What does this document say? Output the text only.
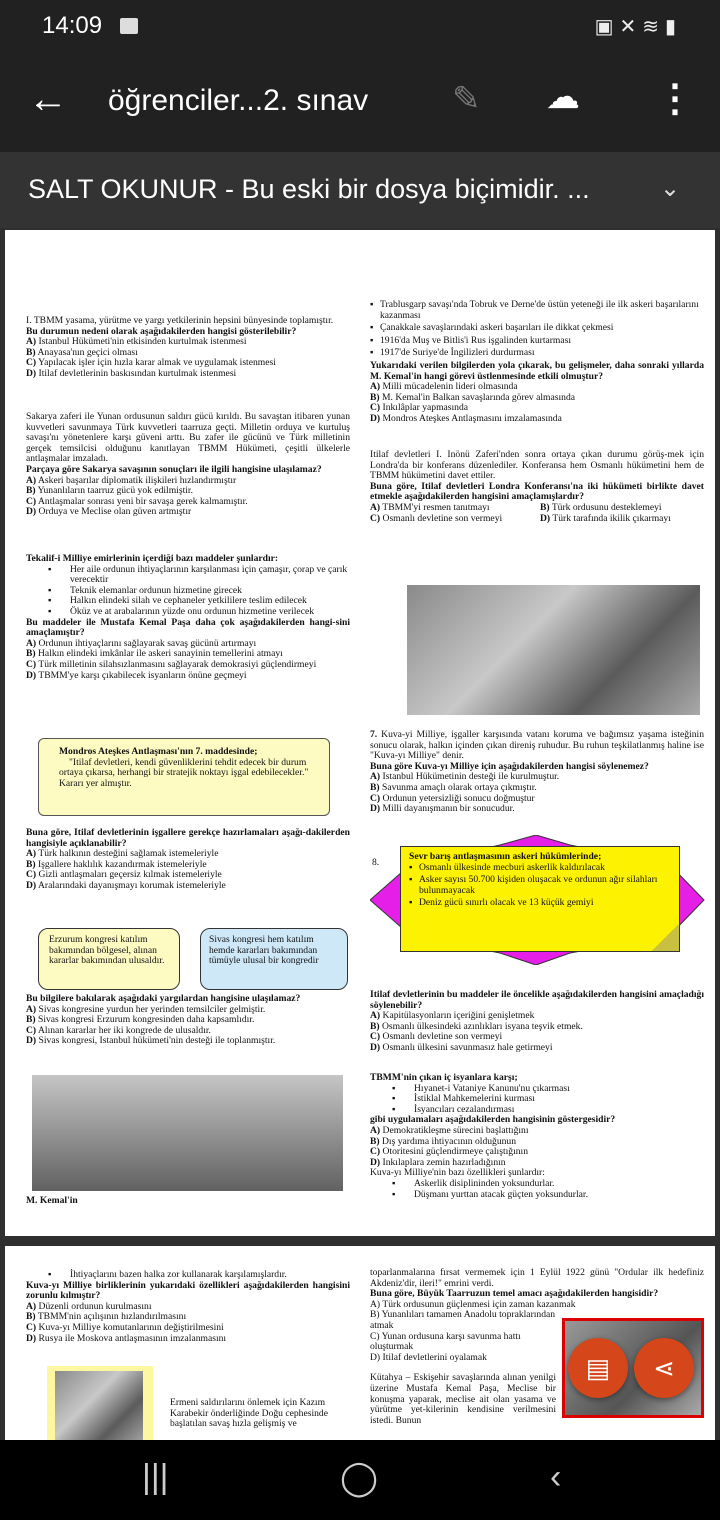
14:09	▣✕≋▮
← öğrenciler...2. sınav ✎ ☁ ⋮
SALT OKUNUR - Bu eski bir dosya biçimidir. ...	⌄
I. TBMM yasama, yürütme ve yargı yetkilerinin hepsini bünyesinde toplamıştır.
Bu durumun nedeni olarak aşağıdakilerden hangisi gösterilebilir?
A) Istanbul Hükümeti'nin etkisinden kurtulmak istenmesi
B) Anayasa'nın geçici olması
C) Yapılacak işler için hızla karar almak ve uygulamak istenmesi
D) Itilaf devletlerinin baskısından kurtulmak istenmesi
Sakarya zaferi ile Yunan ordusunun saldırı gücü kırıldı. Bu savaştan itibaren yunan kuvvetleri savunmaya Türk kuvvetleri taarruza geçti. Milletin orduya ve kurtuluş savaşı'nı yönetenlere karşı güveni arttı. Bu zafer ile gücünü ve Türk milletinin gerçek temsilcisi olduğunu kanıtlayan TBMM Hükümeti, çeşitli ülkelerle antlaşmalar imzaladı.
Parçaya göre Sakarya savaşının sonuçları ile ilgili hangisine ulaşılamaz?
A) Askeri başarılar diplomatik ilişkileri hızlandırmıştır
B) Yunanlıların taarruz gücü yok edilmiştir.
C) Antlaşmalar sonrası yeni bir savaşa gerek kalmamıştır.
D) Orduya ve Meclise olan güven artmıştır
Tekalif-i Milliye emirlerinin içerdiği bazı maddeler şunlardır:
▪ Her aile ordunun ihtiyaçlarının karşılanması için çamaşır, çorap ve çarık verecektir
▪ Teknik elemanlar ordunun hizmetine girecek
▪ Halkın elindeki silah ve cephaneler yetkililere teslim edilecek
▪ Öküz ve at arabalarının yüzde onu ordunun hizmetine verilecek
Bu maddeler ile Mustafa Kemal Paşa daha çok aşağıdakilerden hangi-sini amaçlamıştır?
A) Ordunun ihtiyaçlarını sağlayarak savaş gücünü artırmayı
B) Halkın elindeki imkânlar ile askeri sanayinin temellerini atmayı
C) Türk milletinin silahsızlanmasını sağlayarak demokrasiyi güçlendirmeyi
D) TBMM'ye karşı çıkabilecek isyanların önüne geçmeyi
Mondros Ateşkes Antlaşması'nın 7. maddesinde;
"Itilaf devletleri, kendi güvenliklerini tehdit edecek bir durum ortaya çıkarsa, herhangi bir stratejik noktayı işgal edebilecekler."
Kararı yer almıştır.
Buna göre, Itilaf devletlerinin işgallere gerekçe hazırlamaları aşağı-dakilerden hangisiyle açıklanabilir?
A) Türk halkının desteğini sağlamak istemeleriyle
B) Işgallere haklılık kazandırmak istemeleriyle
C) Gizli antlaşmaları geçersiz kılmak istemeleriyle
D) Aralarındaki dayanışmayı korumak istemeleriyle
Erzurum kongresi katılım bakımından bölgesel, alınan kararlar bakımından ulusaldır.
Sivas kongresi hem katılım hemde kararları bakımından tümüyle ulusal bir kongredir
Bu bilgilere bakılarak aşağıdaki yargılardan hangisine ulaşılamaz?
A) Sivas kongresine yurdun her yerinden temsilciler gelmiştir.
B) Sivas kongresi Erzurum kongresinden daha kapsamlıdır.
C) Alınan kararlar her iki kongrede de ulusaldır.
D) Sivas kongresi, Istanbul hükümeti'nin desteği ile toplanmıştır.
M. Kemal'in
▪ Trablusgarp savaşı'nda Tobruk ve Derne'de üstün yeteneği ile ilk askeri başarılarını kazanması
▪ Çanakkale savaşlarındaki askeri başarıları ile dikkat çekmesi
▪ 1916'da Muş ve Bitlis'i Rus işgalinden kurtarması
▪ 1917'de Suriye'de İngilizleri durdurması
Yukarıdaki verilen bilgilerden yola çıkarak, bu gelişmeler, daha sonraki yıllarda M. Kemal'in hangi görevi üstlenmesinde etkili olmuştur?
A) Milli mücadelenin lideri olmasında
B) M. Kemal'in Balkan savaşlarında görev almasında
C) Inkılâplar yapmasında
D) Mondros Ateşkes Antlaşmasını imzalamasında
Itilaf devletleri I. Inönü Zaferi'nden sonra ortaya çıkan durumu görüş-mek için Londra'da bir konferans düzenlediler. Konferansa hem Osmanlı hükümetini hem de TBMM hükümetini davet ettiler.
Buna göre, Itilaf devletleri Londra Konferansı'na iki hükümeti birlikte davet etmekle aşağıdakilerden hangisini amaçlamışlardır?
A) TBMM'yi resmen tanıtmayı	B) Türk ordusunu desteklemeyi
C) Osmanlı devletine son vermeyi	D) Türk tarafında ikilik çıkarmayı
7. Kuva-yi Milliye, işgaller karşısında vatanı koruma ve bağımsız yaşama isteğinin sonucu olarak, halkın içinden çıkan direniş ruhudur. Bu ruhun teşkilatlanmış haline ise "Kuva-yı Milliye" denir.
Buna göre Kuva-yı Milliye için aşağıdakilerden hangisi söylenemez?
A) Istanbul Hükümetinin desteği ile kurulmuştur.
B) Savunma amaçlı olarak ortaya çıkmıştır.
C) Ordunun yetersizliği sonucu doğmuştur
D) Milli dayanışmanın bir sonucudur.
8.
Sevr barış antlaşmasının askeri hükümlerinde;
▪ Osmanlı ülkesinde mecburi askerlik kaldırılacak
▪ Asker sayısı 50.700 kişiden oluşacak ve ordunun ağır silahları bulunmayacak
▪ Deniz gücü sınırlı olacak ve 13 küçük gemiyi
Itilaf devletlerinin bu maddeler ile öncelikle aşağıdakilerden hangisini amaçladığı söylenebilir?
A) Kapitülasyonların içeriğini genişletmek
B) Osmanlı ülkesindeki azınlıkları isyana teşvik etmek.
C) Osmanlı devletine son vermeyi
D) Osmanlı ülkesini savunmasız hale getirmeyi
TBMM'nin çıkan iç isyanlara karşı;
▪ Hıyanet-i Vataniye Kanunu'nu çıkarması
▪ İstiklal Mahkemelerini kurması
▪ İsyancıları cezalandırması
gibi uygulamaları aşağıdakilerden hangisinin göstergesidir?
A) Demokratikleşme sürecini başlattığını
B) Dış yardıma ihtiyacının olduğunun
C) Otoritesini güçlendirmeye çalıştığının
D) Inkılaplara zemin hazırladığının
Kuva-yı Milliye'nin bazı özellikleri şunlardır:
▪ Askerlik disiplininden yoksundurlar.
▪ Düşmanı yurttan atacak güçten yoksundurlar.
▪ İhtiyaçlarını bazen halka zor kullanarak karşılamışlardır.
Kuva-yı Milliye birliklerinin yukarıdaki özellikleri aşağıdakilerden hangisini zorunlu kılmıştır?
A) Düzenli ordunun kurulmasını
B) TBMM'nin açılışının hızlandırılmasını
C) Kuva-yı Milliye komutanlarının değiştirilmesini
D) Rusya ile Moskova antlaşmasının imzalanmasını
Ermeni saldırılarını önlemek için Kazım Karabekir önderliğinde Doğu cephesinde başlatılan savaş hızla gelişmiş ve
toparlanmalarına fırsat vermemek için 1 Eylül 1922 günü "Ordular ilk hedefiniz Akdeniz'dir, ileri!" emrini verdi.
Buna göre, Büyük Taarruzun temel amacı aşağıdakilerden hangisidir?
A) Türk ordusunun güçlenmesi için zaman kazanmak
B) Yunanlıları tamamen Anadolu topraklarından atmak
C) Yunan ordusuna karşı savunma hattı oluşturmak
D) Itilaf devletlerini oyalamak
Kütahya – Eskişehir savaşlarında alınan yenilgi üzerine Mustafa Kemal Paşa, Meclise bir konuşma yaparak, meclise ait olan yasama ve yürütme yet-kilerinin kendisine verilmesini istedi. Bunun
▤ ⋖
|||	◯	‹
